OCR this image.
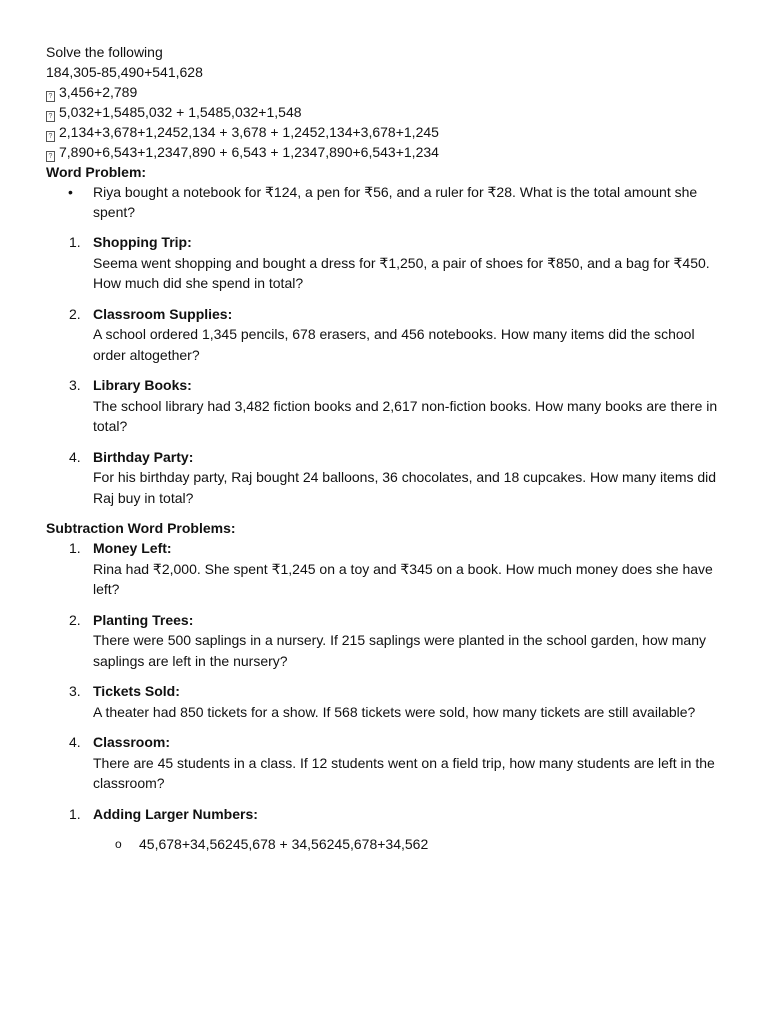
Solve the following

184,305-85,490+541,628

? 3,456+2,789

? 5,032+1,5485,032 + 1,5485,032+1,548

? 2,134+3,678+1,2452,134 + 3,678 + 1,2452,134+3,678+1,245

? 7,890+6,543+1,2347,890 + 6,543 + 1,2347,890+6,543+1,234

Word Problem:

• Riya bought a notebook for ₹124, a pen for ₹56, and a ruler for ₹28. What is the total amount she spent?
1. Shopping Trip:
Seema went shopping and bought a dress for ₹1,250, a pair of shoes for ₹850, and a bag for ₹450. How much did she spend in total?
2. Classroom Supplies:
A school ordered 1,345 pencils, 678 erasers, and 456 notebooks. How many items did the school order altogether?
3. Library Books:
The school library had 3,482 fiction books and 2,617 non-fiction books. How many books are there in total?
4. Birthday Party:
For his birthday party, Raj bought 24 balloons, 36 chocolates, and 18 cupcakes. How many items did Raj buy in total?

Subtraction Word Problems:

1. Money Left:
Rina had ₹2,000. She spent ₹1,245 on a toy and ₹345 on a book. How much money does she have left?
2. Planting Trees:
There were 500 saplings in a nursery. If 215 saplings were planted in the school garden, how many saplings are left in the nursery?
3. Tickets Sold:
A theater had 850 tickets for a show. If 568 tickets were sold, how many tickets are still available?
4. Classroom:
There are 45 students in a class. If 12 students went on a field trip, how many students are left in the classroom?
1. Adding Larger Numbers:
o 45,678+34,56245,678 + 34,56245,678+34,562
